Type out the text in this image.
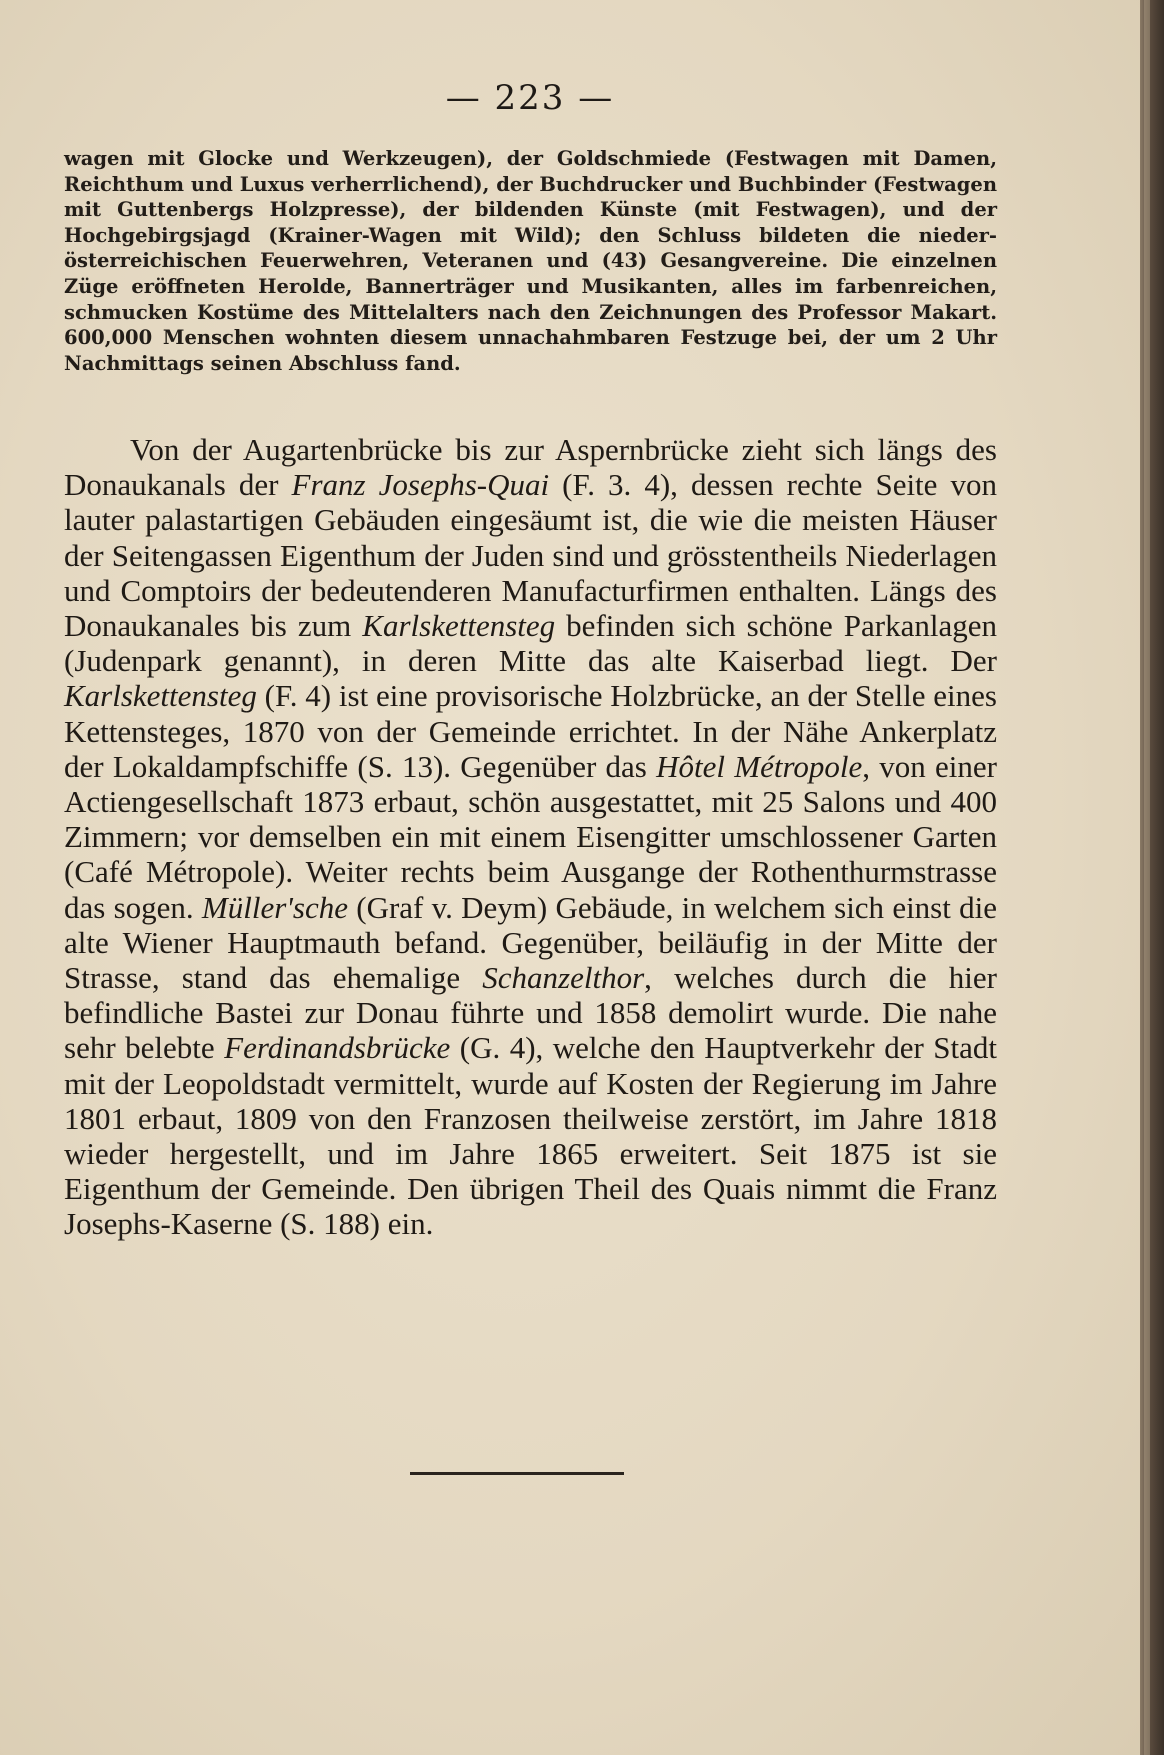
— 223 —
wagen mit Glocke und Werkzeugen), der Goldschmiede (Festwagen mit Damen, Reichthum und Luxus verherrlichend), der Buchdrucker und Buchbinder (Festwagen mit Guttenbergs Holzpresse), der bildenden Künste (mit Festwagen), und der Hochgebirgsjagd (Krainer-Wagen mit Wild); den Schluss bildeten die nieder-österreichischen Feuerwehren, Veteranen und (43) Gesangvereine. Die einzelnen Züge eröffneten Herolde, Bannerträger und Musikanten, alles im farbenreichen, schmucken Kostüme des Mittelalters nach den Zeichnungen des Professor Makart. 600,000 Menschen wohnten diesem unnachahmbaren Festzuge bei, der um 2 Uhr Nachmittags seinen Abschluss fand.
Von der Augartenbrücke bis zur Aspernbrücke zieht sich längs des Donaukanals der Franz Josephs-Quai (F. 3. 4), dessen rechte Seite von lauter palastartigen Gebäuden eingesäumt ist, die wie die meisten Häuser der Seitengassen Eigenthum der Juden sind und grösstentheils Niederlagen und Comptoirs der bedeutenderen Manufacturfirmen enthalten. Längs des Donaukanales bis zum Karlskettensteg befinden sich schöne Parkanlagen (Judenpark genannt), in deren Mitte das alte Kaiserbad liegt. Der Karlskettensteg (F. 4) ist eine provisorische Holzbrücke, an der Stelle eines Kettensteges, 1870 von der Gemeinde errichtet. In der Nähe Ankerplatz der Lokaldampfschiffe (S. 13). Gegenüber das Hôtel Métropole, von einer Actiengesellschaft 1873 erbaut, schön ausgestattet, mit 25 Salons und 400 Zimmern; vor demselben ein mit einem Eisengitter umschlossener Garten (Café Métropole). Weiter rechts beim Ausgange der Rothenthurmstrasse das sogen. Müller'sche (Graf v. Deym) Gebäude, in welchem sich einst die alte Wiener Hauptmauth befand. Gegenüber, beiläufig in der Mitte der Strasse, stand das ehemalige Schanzelthor, welches durch die hier befindliche Bastei zur Donau führte und 1858 demolirt wurde. Die nahe sehr belebte Ferdinandsbrücke (G. 4), welche den Hauptverkehr der Stadt mit der Leopoldstadt vermittelt, wurde auf Kosten der Regierung im Jahre 1801 erbaut, 1809 von den Franzosen theilweise zerstört, im Jahre 1818 wieder hergestellt, und im Jahre 1865 erweitert. Seit 1875 ist sie Eigenthum der Gemeinde. Den übrigen Theil des Quais nimmt die Franz Josephs-Kaserne (S. 188) ein.
